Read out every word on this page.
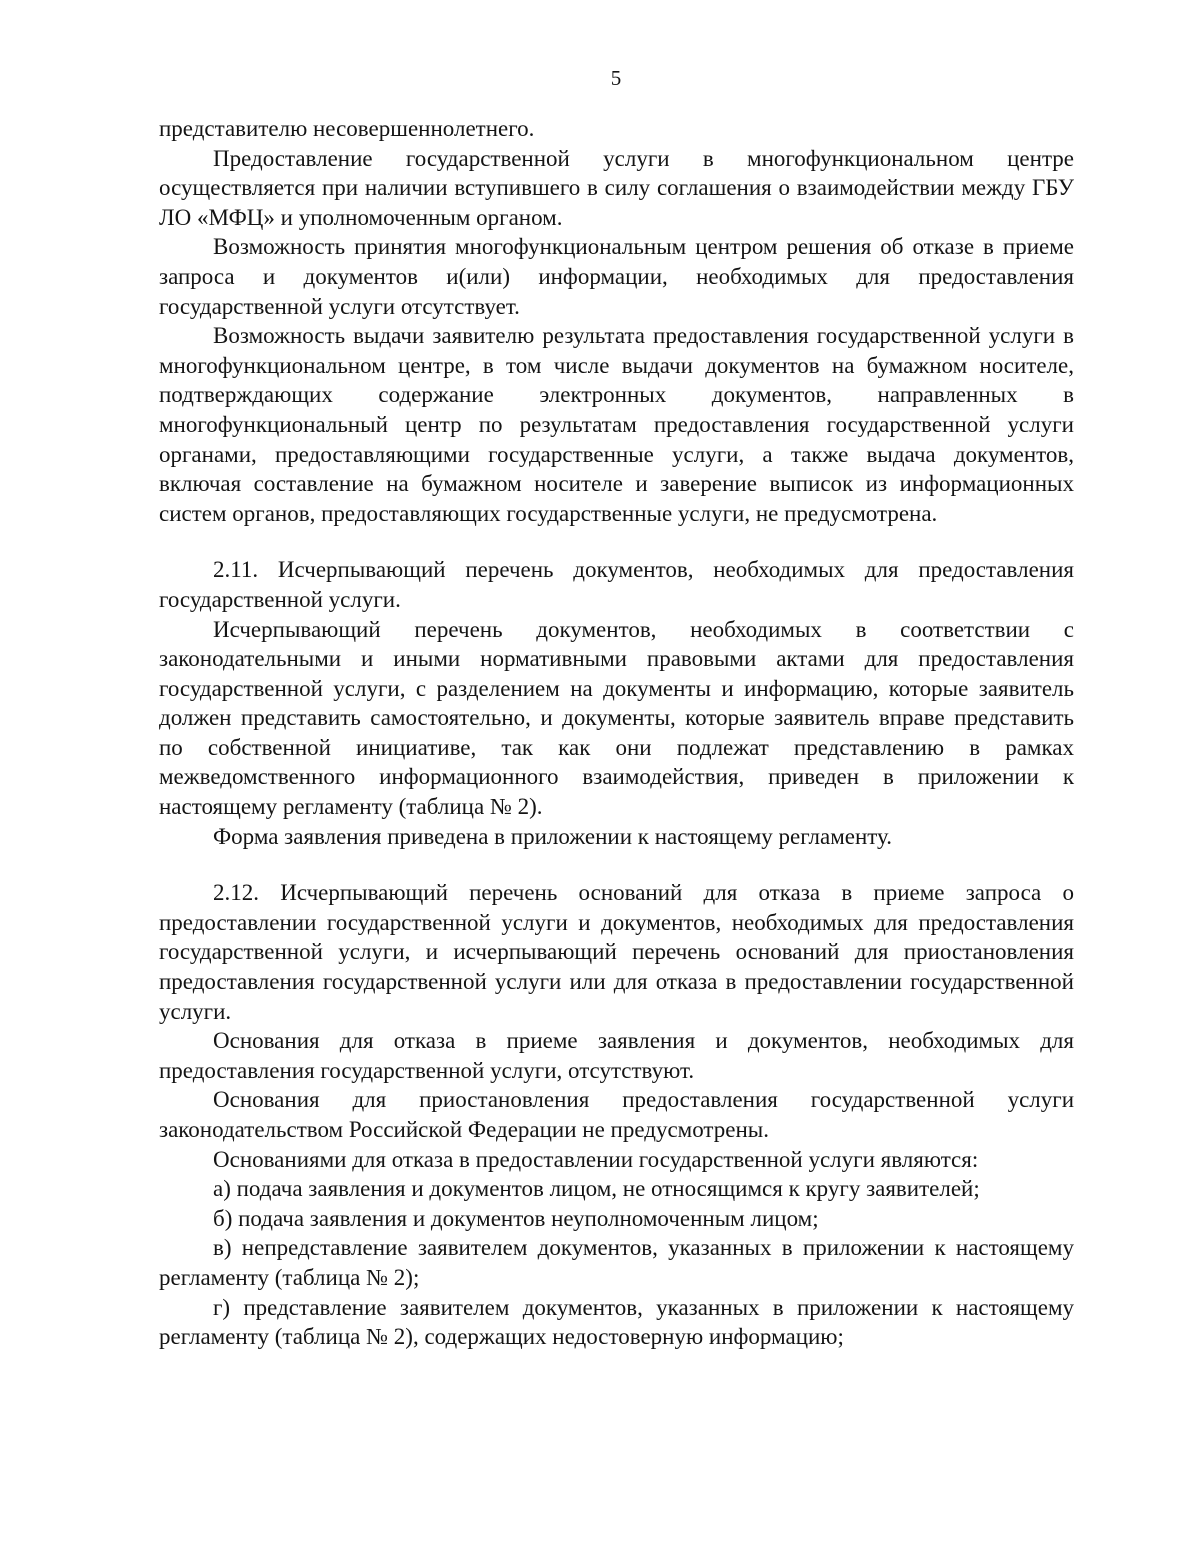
5

представителю несовершеннолетнего.

Предоставление государственной услуги в многофункциональном центре осуществляется при наличии вступившего в силу соглашения о взаимодействии между ГБУ ЛО «МФЦ» и уполномоченным органом.

Возможность принятия многофункциональным центром решения об отказе в приеме запроса и документов и(или) информации, необходимых для предоставления государственной услуги отсутствует.

Возможность выдачи заявителю результата предоставления государственной услуги в многофункциональном центре, в том числе выдачи документов на бумажном носителе, подтверждающих содержание электронных документов, направленных в многофункциональный центр по результатам предоставления государственной услуги органами, предоставляющими государственные услуги, а также выдача документов, включая составление на бумажном носителе и заверение выписок из информационных систем органов, предоставляющих государственные услуги, не предусмотрена.

2.11. Исчерпывающий перечень документов, необходимых для предоставления государственной услуги.

Исчерпывающий перечень документов, необходимых в соответствии с законодательными и иными нормативными правовыми актами для предоставления государственной услуги, с разделением на документы и информацию, которые заявитель должен представить самостоятельно, и документы, которые заявитель вправе представить по собственной инициативе, так как они подлежат представлению в рамках межведомственного информационного взаимодействия, приведен в приложении к настоящему регламенту (таблица № 2).

Форма заявления приведена в приложении к настоящему регламенту.

2.12. Исчерпывающий перечень оснований для отказа в приеме запроса о предоставлении государственной услуги и документов, необходимых для предоставления государственной услуги, и исчерпывающий перечень оснований для приостановления предоставления государственной услуги или для отказа в предоставлении государственной услуги.

Основания для отказа в приеме заявления и документов, необходимых для предоставления государственной услуги, отсутствуют.

Основания для приостановления предоставления государственной услуги законодательством Российской Федерации не предусмотрены.

Основаниями для отказа в предоставлении государственной услуги являются:

а) подача заявления и документов лицом, не относящимся к кругу заявителей;

б) подача заявления и документов неуполномоченным лицом;

в) непредставление заявителем документов, указанных в приложении к настоящему регламенту (таблица № 2);

г) представление заявителем документов, указанных в приложении к настоящему регламенту (таблица № 2), содержащих недостоверную информацию;
